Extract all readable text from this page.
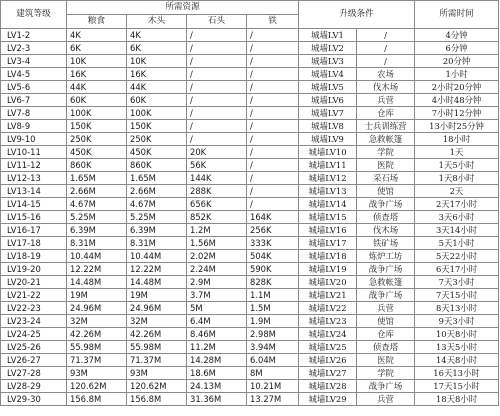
建筑等级	所需资源				升级条件		所需时间
	粮食	木头	石头	铁			
LV1-2	4K	4K	/	/	城墙LV1	/	4分钟
LV2-3	6K	6K	/	/	城墙LV2	/	6分钟
LV3-4	10K	10K	/	/	城墙LV3	/	20分钟
LV4-5	16K	16K	/	/	城墙LV4	农场	1小时
LV5-6	44K	44K	/	/	城墙LV5	伐木场	2小时20分钟
LV6-7	60K	60K	/	/	城墙LV6	兵营	4小时48分钟
LV7-8	100K	100K	/	/	城墙LV7	仓库	7小时12分钟
LV8-9	150K	150K	/	/	城墙LV8	士兵训练营	13小时25分钟
LV9-10	250K	250K	/	/	城墙LV9	急救帐篷	18小时
LV10-11	450K	450K	20K	/	城墙LV10	学院	1天
LV11-12	860K	860K	56K	/	城墙LV11	医院	1天5小时
LV12-13	1.65M	1.65M	144K	/	城墙LV12	采石场	1天8小时
LV13-14	2.66M	2.66M	288K	/	城墙LV13	使馆	2天
LV14-15	4.67M	4.67M	656K	/	城墙LV14	战争广场	2天17小时
LV15-16	5.25M	5.25M	852K	164K	城墙LV15	侦查塔	3天6小时
LV16-17	6.39M	6.39M	1.2M	256K	城墙LV16	伐木场	3天14小时
LV17-18	8.31M	8.31M	1.56M	333K	城墙LV17	铁矿场	5天1小时
LV18-19	10.44M	10.44M	2.02M	504K	城墙LV18	炼炉工坊	5天22小时
LV19-20	12.22M	12.22M	2.24M	590K	城墙LV19	战争广场	6天17小时
LV20-21	14.48M	14.48M	2.9M	828K	城墙LV20	急救帐篷	7天3小时
LV21-22	19M	19M	3.7M	1.1M	城墙LV21	战争广场	7天15小时
LV22-23	24.96M	24.96M	5M	1.5M	城墙LV22	兵营	8天13小时
LV23-24	32M	32M	6.4M	1.9M	城墙LV23	使馆	9天3小时
LV24-25	42.26M	42.26M	8.46M	2.98M	城墙LV24	仓库	10天8小时
LV25-26	55.98M	55.98M	11.2M	3.94M	城墙LV25	侦查塔	13天5小时
LV26-27	71.37M	71.37M	14.28M	6.04M	城墙LV26	医院	14天8小时
LV27-28	93M	93M	18.6M	8M	城墙LV27	学院	16天13小时
LV28-29	120.62M	120.62M	24.13M	10.21M	城墙LV28	战争广场	17天15小时
LV29-30	156.8M	156.8M	31.36M	13.27M	城墙LV29	兵营	18天8小时
